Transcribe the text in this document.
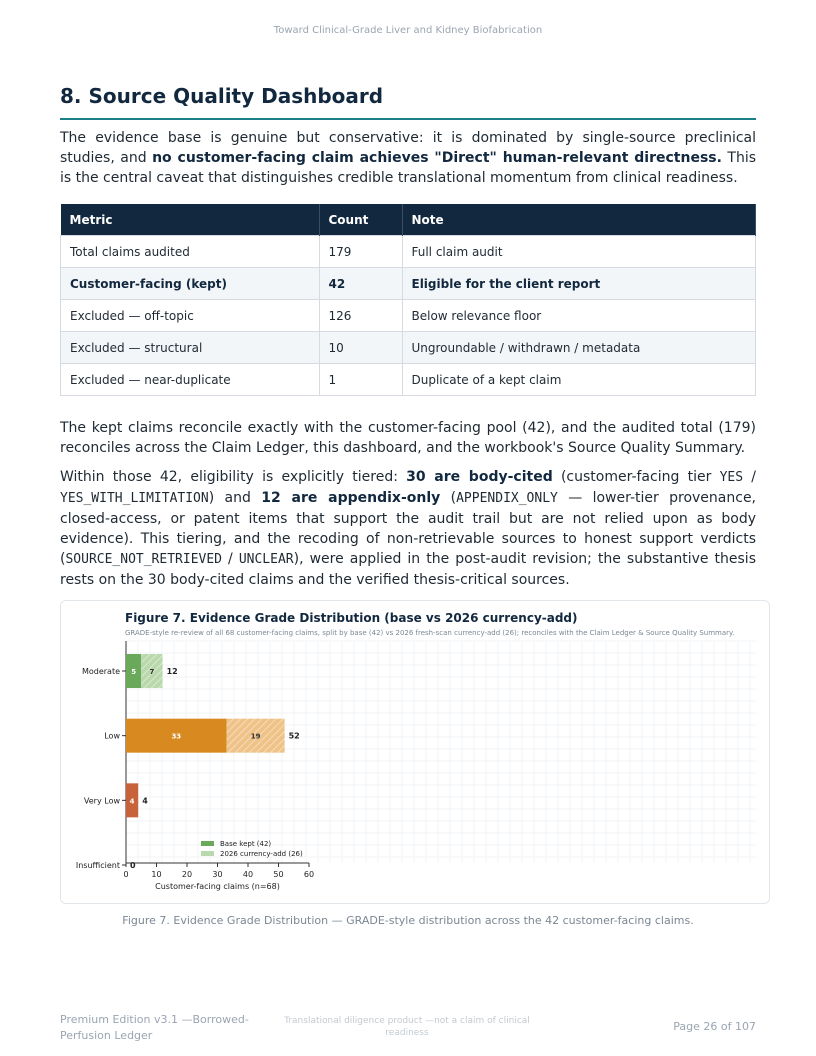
Toward Clinical-Grade Liver and Kidney Biofabrication
8. Source Quality Dashboard

The evidence base is genuine but conservative: it is dominated by single-source preclinical studies, and no customer-facing claim achieves "Direct" human-relevant directness. This is the central caveat that distinguishes credible translational momentum from clinical readiness.

Metric	Count	Note
Total claims audited	179	Full claim audit
Customer-facing (kept)	42	Eligible for the client report
Excluded — off-topic	126	Below relevance floor
Excluded — structural	10	Ungroundable / withdrawn / metadata
Excluded — near-duplicate	1	Duplicate of a kept claim

The kept claims reconcile exactly with the customer-facing pool (42), and the audited total (179) reconciles across the Claim Ledger, this dashboard, and the workbook's Source Quality Summary.

Within those 42, eligibility is explicitly tiered: 30 are body-cited (customer-facing tier YES / YES_WITH_LIMITATION) and 12 are appendix-only (APPENDIX_ONLY — lower-tier provenance, closed-access, or patent items that support the audit trail but are not relied upon as body evidence). This tiering, and the recoding of non-retrievable sources to honest support verdicts (SOURCE_NOT_RETRIEVED / UNCLEAR), were applied in the post-audit revision; the substantive thesis rests on the 30 body-cited claims and the verified thesis-critical sources.

Figure 7. Evidence Grade Distribution (base vs 2026 currency-add)
GRADE-style re-review of all 68 customer-facing claims, split by base (42) vs 2026 fresh-scan currency-add (26); reconciles with the Claim Ledger & Source Quality Summary.
0	10	20	30	40	50	60
Customer-facing claims (n=68)
Moderate 5 7 12
Low	33	19	52
Very Low 4 4
Insufficient 0
Base kept (42)
2026 currency-add (26)
Figure 7. Evidence Grade Distribution — GRADE-style distribution across the 42 customer-facing claims.
Premium Edition v3.1 —Borrowed-Perfusion Ledger
Translational diligence product —not a claim of clinical readiness	Page 26 of 107
